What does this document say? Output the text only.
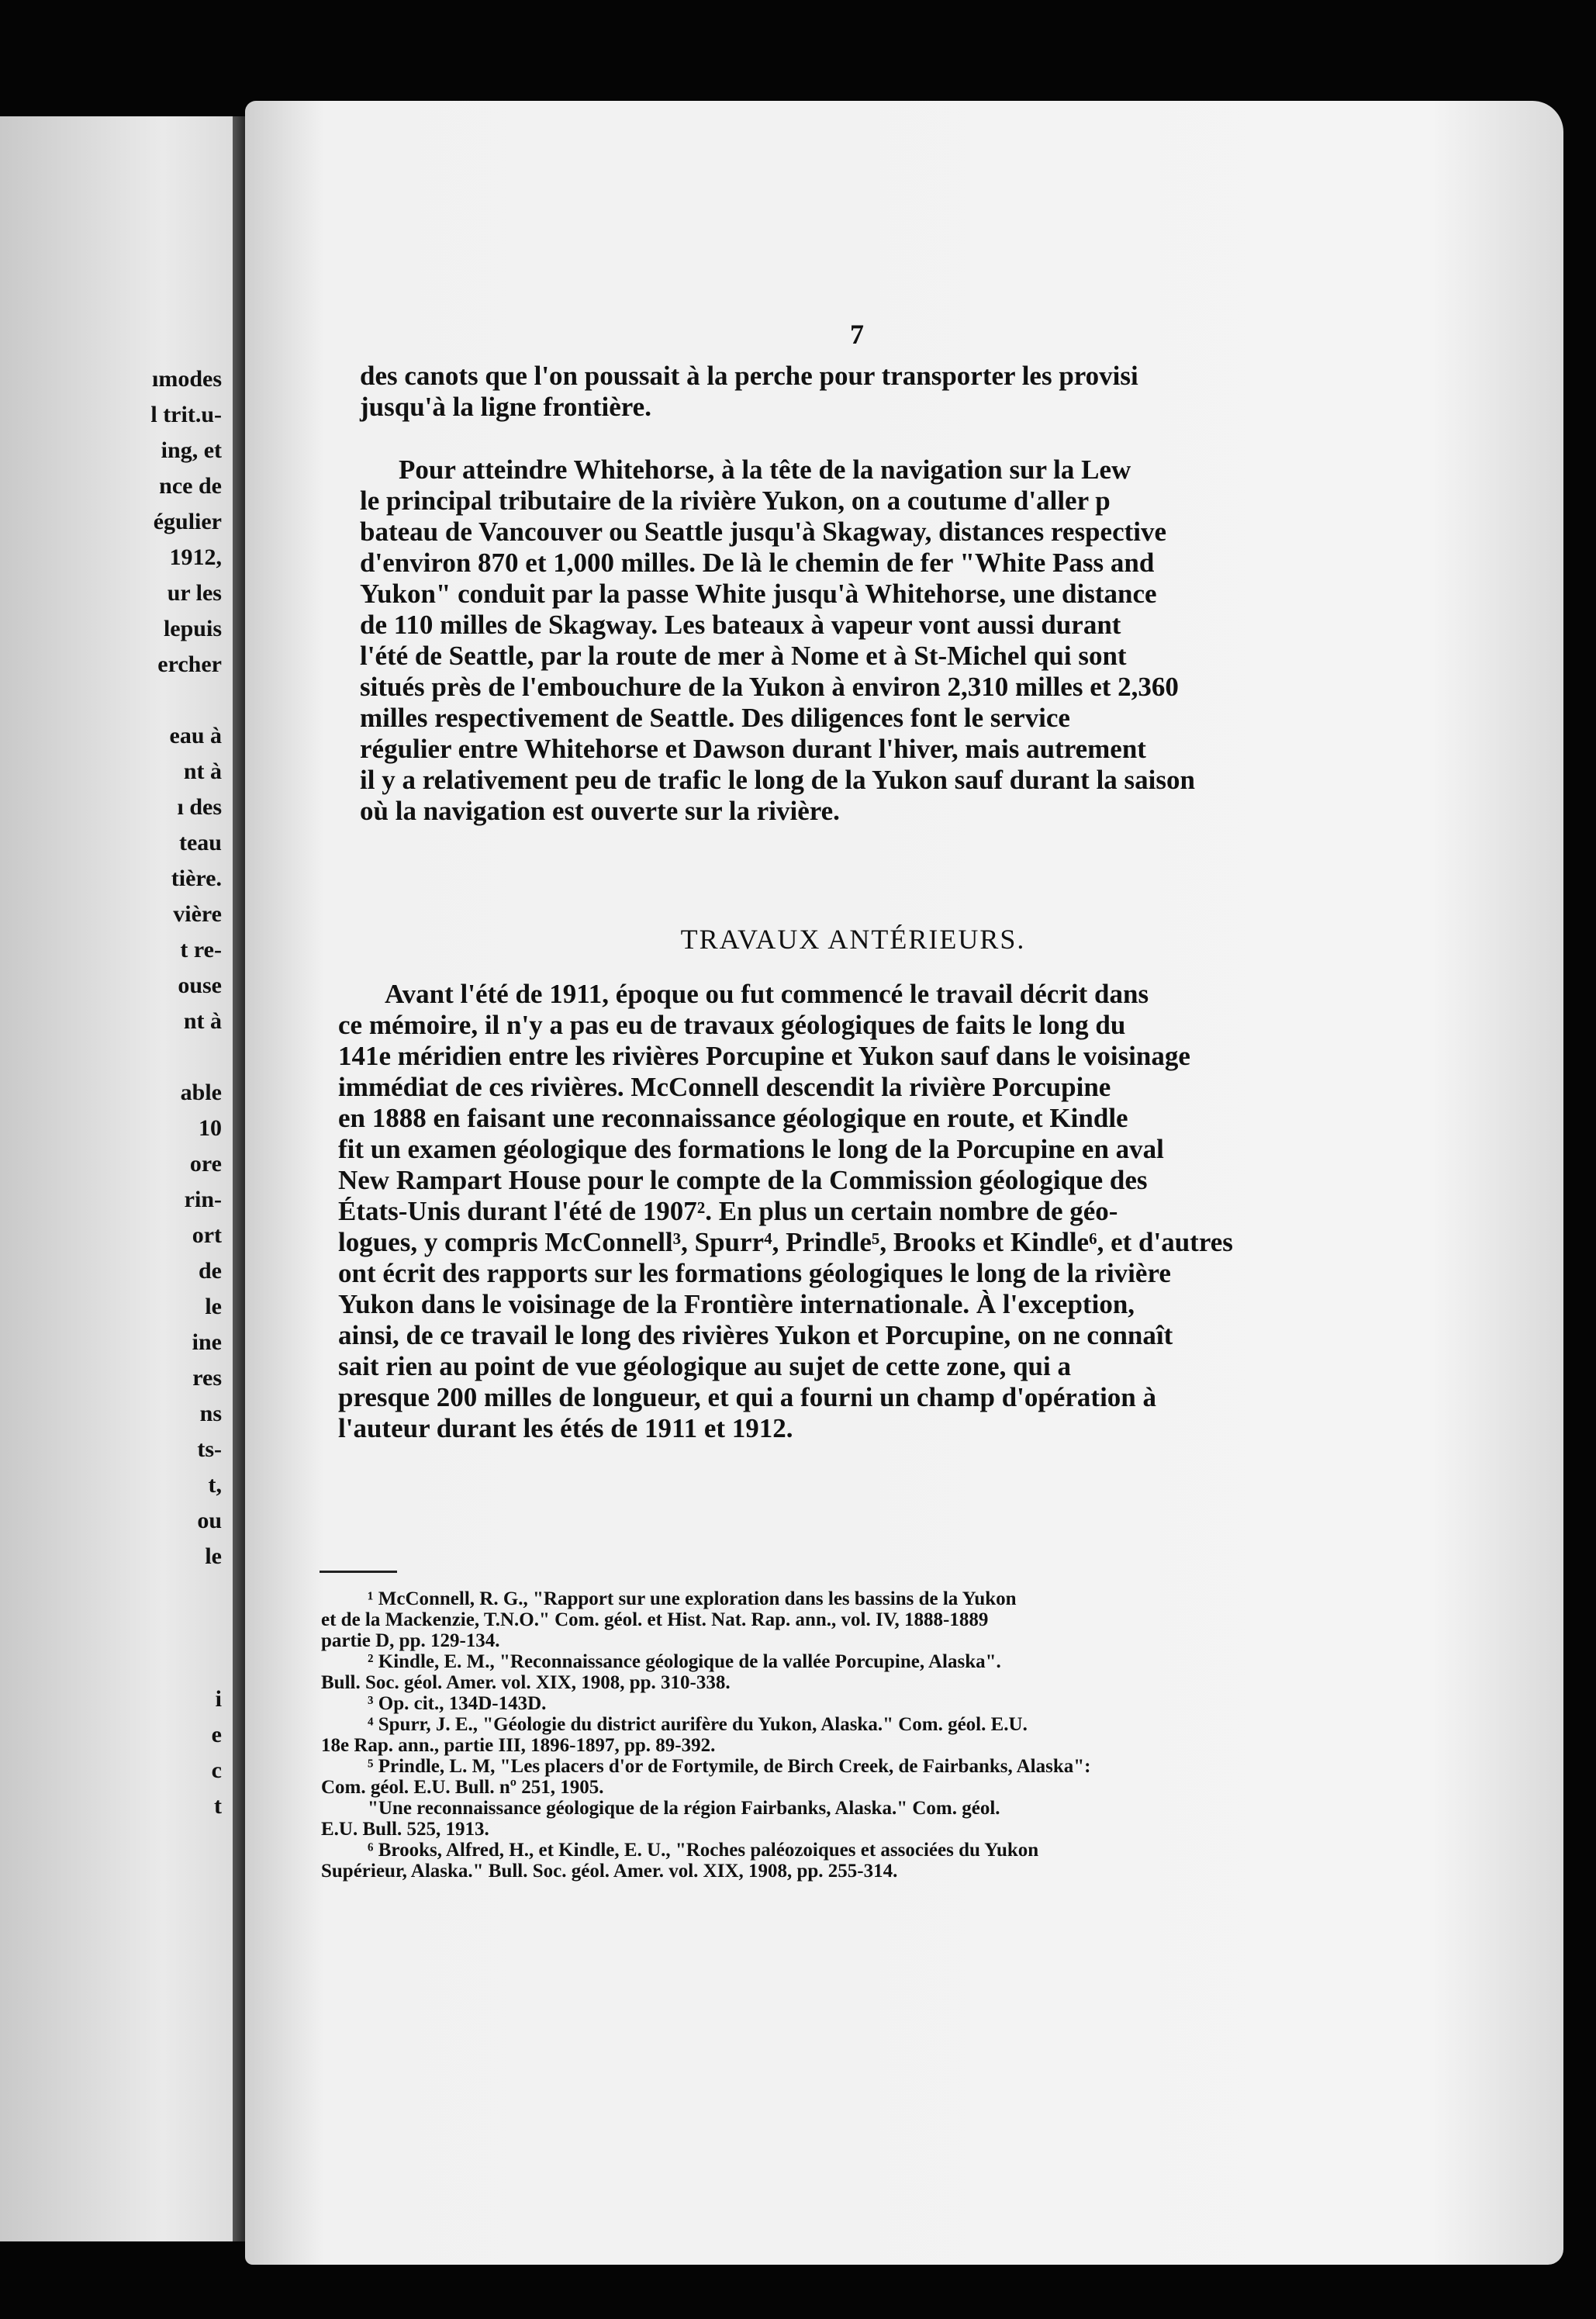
ımodes
l trit.u-
ing, et
nce de
égulier
1912,
ur les
lepuis
ercher
eau à
nt à
ı des
teau
tière.
vière
t re-
ouse
nt à
able
10
ore
rin-
ort
de
le
ine
res
ns
ts-
t,
ou
le
i
e
c
t
7
des canots que l'on poussait à la perche pour transporter les provisi
jusqu'à la ligne frontière.
Pour atteindre Whitehorse, à la tête de la navigation sur la Lew
le principal tributaire de la rivière Yukon, on a coutume d'aller p
bateau de Vancouver ou Seattle jusqu'à Skagway, distances respective
d'environ 870 et 1,000 milles. De là le chemin de fer "White Pass and
Yukon" conduit par la passe White jusqu'à Whitehorse, une distance
de 110 milles de Skagway. Les bateaux à vapeur vont aussi durant
l'été de Seattle, par la route de mer à Nome et à St-Michel qui sont
situés près de l'embouchure de la Yukon à environ 2,310 milles et 2,360
milles respectivement de Seattle. Des diligences font le service
régulier entre Whitehorse et Dawson durant l'hiver, mais autrement
il y a relativement peu de trafic le long de la Yukon sauf durant la saison
où la navigation est ouverte sur la rivière.
TRAVAUX ANTÉRIEURS.
Avant l'été de 1911, époque ou fut commencé le travail décrit dans
ce mémoire, il n'y a pas eu de travaux géologiques de faits le long du
141e méridien entre les rivières Porcupine et Yukon sauf dans le voisinage
immédiat de ces rivières. McConnell descendit la rivière Porcupine
en 1888 en faisant une reconnaissance géologique en route, et Kindle
fit un examen géologique des formations le long de la Porcupine en aval
New Rampart House pour le compte de la Commission géologique des
États-Unis durant l'été de 1907². En plus un certain nombre de géo-
logues, y compris McConnell³, Spurr⁴, Prindle⁵, Brooks et Kindle⁶, et d'autres
ont écrit des rapports sur les formations géologiques le long de la rivière
Yukon dans le voisinage de la Frontière internationale. À l'exception,
ainsi, de ce travail le long des rivières Yukon et Porcupine, on ne connaît
sait rien au point de vue géologique au sujet de cette zone, qui a
presque 200 milles de longueur, et qui a fourni un champ d'opération à
l'auteur durant les étés de 1911 et 1912.
¹ McConnell, R. G., "Rapport sur une exploration dans les bassins de la Yukon
et de la Mackenzie, T.N.O." Com. géol. et Hist. Nat. Rap. ann., vol. IV, 1888-1889
partie D, pp. 129-134.
² Kindle, E. M., "Reconnaissance géologique de la vallée Porcupine, Alaska".
Bull. Soc. géol. Amer. vol. XIX, 1908, pp. 310-338.
³ Op. cit., 134D-143D.
⁴ Spurr, J. E., "Géologie du district aurifère du Yukon, Alaska." Com. géol. E.U.
18e Rap. ann., partie III, 1896-1897, pp. 89-392.
⁵ Prindle, L. M, "Les placers d'or de Fortymile, de Birch Creek, de Fairbanks, Alaska":
Com. géol. E.U. Bull. nº 251, 1905.
"Une reconnaissance géologique de la région Fairbanks, Alaska." Com. géol.
E.U. Bull. 525, 1913.
⁶ Brooks, Alfred, H., et Kindle, E. U., "Roches paléozoiques et associées du Yukon
Supérieur, Alaska." Bull. Soc. géol. Amer. vol. XIX, 1908, pp. 255-314.
